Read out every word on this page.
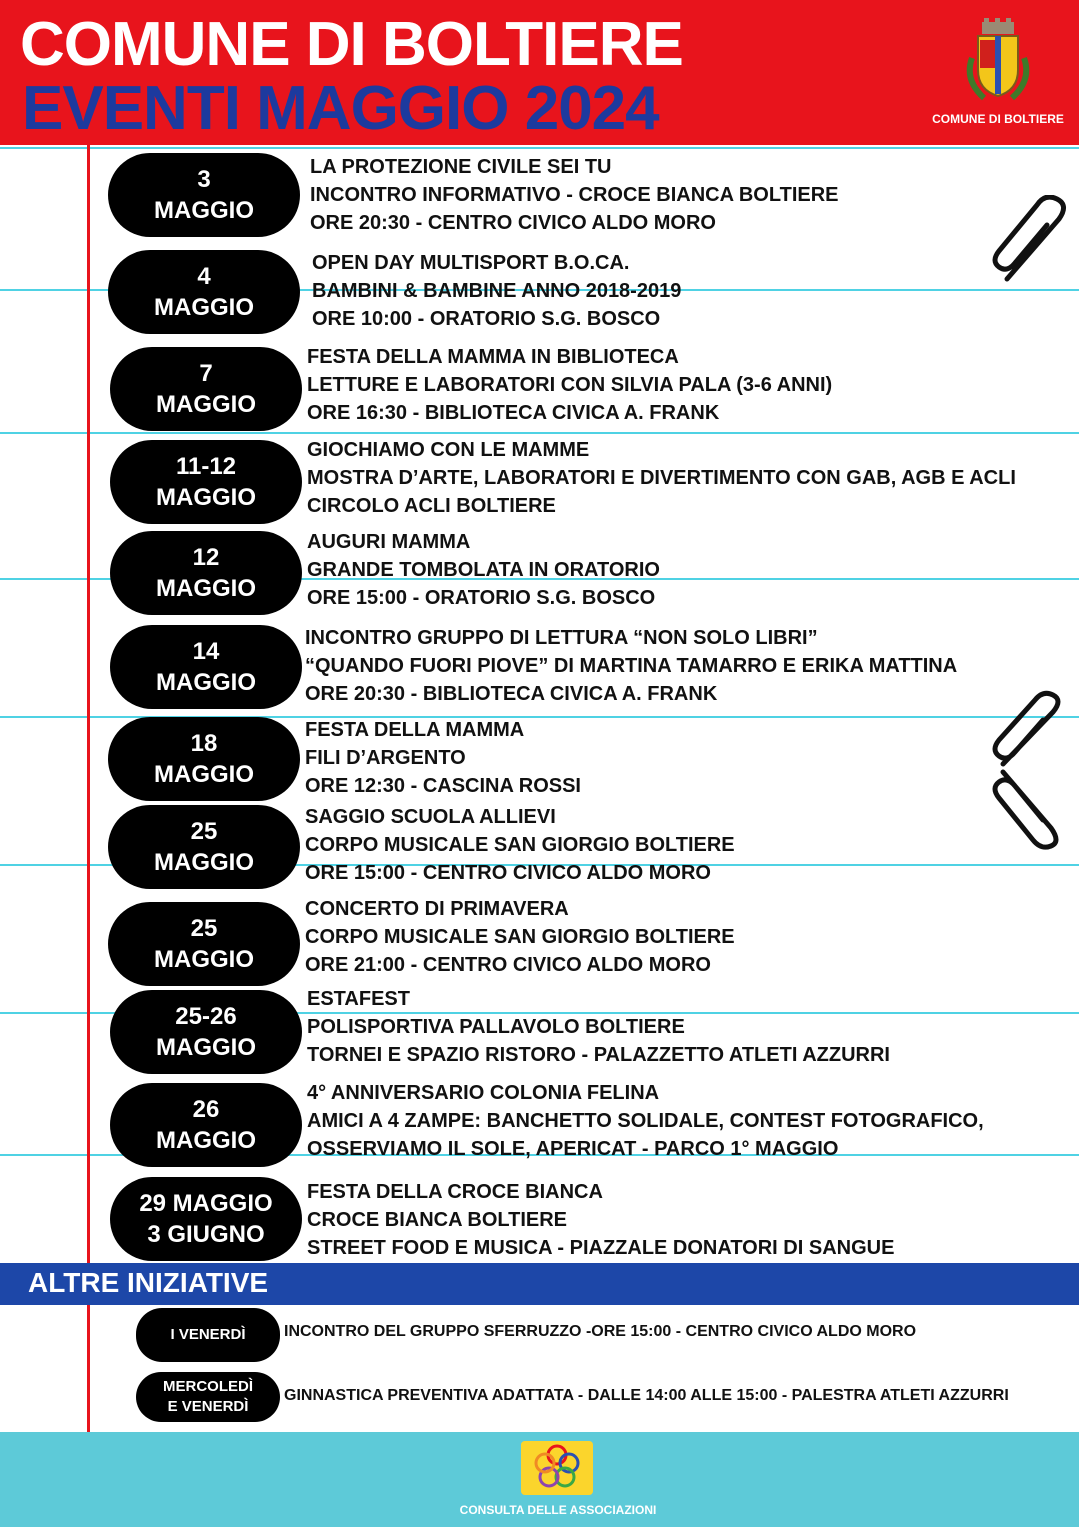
COMUNE DI BOLTIERE
EVENTI MAGGIO 2024	COMUNE DI BOLTIERE
3
MAGGIO
LA PROTEZIONE CIVILE SEI TU
INCONTRO INFORMATIVO - CROCE BIANCA BOLTIERE
ORE 20:30 - CENTRO CIVICO ALDO MORO
4
MAGGIO
OPEN DAY MULTISPORT B.O.CA.
BAMBINI & BAMBINE ANNO 2018-2019
ORE 10:00 - ORATORIO S.G. BOSCO
7
MAGGIO
FESTA DELLA MAMMA IN BIBLIOTECA
LETTURE E LABORATORI CON SILVIA PALA (3-6 ANNI)
ORE 16:30 - BIBLIOTECA CIVICA A. FRANK
11-12
MAGGIO
GIOCHIAMO CON LE MAMME
MOSTRA D’ARTE, LABORATORI E DIVERTIMENTO CON GAB, AGB E ACLI
CIRCOLO ACLI BOLTIERE
12
MAGGIO
AUGURI MAMMA
GRANDE TOMBOLATA IN ORATORIO
ORE 15:00 - ORATORIO S.G. BOSCO
14
MAGGIO
INCONTRO GRUPPO DI LETTURA “NON SOLO LIBRI”
“QUANDO FUORI PIOVE” DI MARTINA TAMARRO E ERIKA MATTINA
ORE 20:30 - BIBLIOTECA CIVICA A. FRANK
18
MAGGIO
FESTA DELLA MAMMA
FILI D’ARGENTO
ORE 12:30 - CASCINA ROSSI
25
MAGGIO
SAGGIO SCUOLA ALLIEVI
CORPO MUSICALE SAN GIORGIO BOLTIERE
ORE 15:00 - CENTRO CIVICO ALDO MORO
25
MAGGIO
CONCERTO DI PRIMAVERA
CORPO MUSICALE SAN GIORGIO BOLTIERE
ORE 21:00 - CENTRO CIVICO ALDO MORO
25-26
MAGGIO
ESTAFEST
POLISPORTIVA PALLAVOLO BOLTIERE
TORNEI E SPAZIO RISTORO - PALAZZETTO ATLETI AZZURRI
26
MAGGIO
4° ANNIVERSARIO COLONIA FELINA
AMICI A 4 ZAMPE: BANCHETTO SOLIDALE, CONTEST FOTOGRAFICO,
OSSERVIAMO IL SOLE, APERICAT - PARCO 1° MAGGIO
29 MAGGIO
3 GIUGNO
FESTA DELLA CROCE BIANCA
CROCE BIANCA BOLTIERE
STREET FOOD E MUSICA - PIAZZALE DONATORI DI SANGUE
ALTRE INIZIATIVE
I VENERDÌ INCONTRO DEL GRUPPO SFERRUZZO -ORE 15:00 - CENTRO CIVICO ALDO MORO
MERCOLEDÌ
E VENERDÌ
GINNASTICA PREVENTIVA ADATTATA - DALLE 14:00 ALLE 15:00 - PALESTRA ATLETI AZZURRI
CONSULTA DELLE ASSOCIAZIONI
